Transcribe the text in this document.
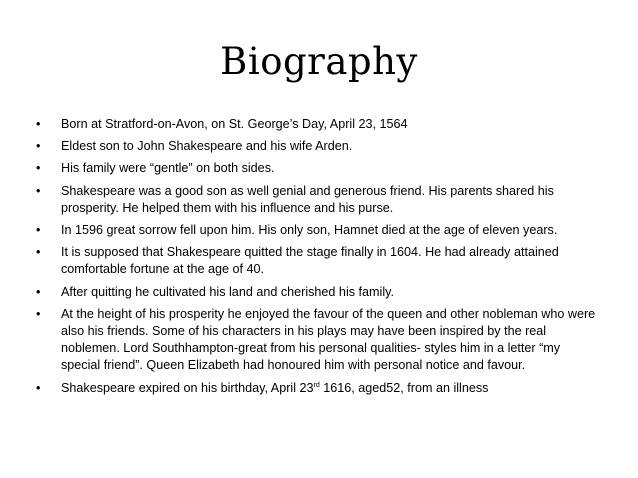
Biography
• Born at Stratford-on-Avon, on St. George’s Day, April 23, 1564
• Eldest son to John Shakespeare and his wife Arden.
• His family were “gentle” on both sides.
• Shakespeare was a good son as well genial and generous friend. His parents shared his prosperity. He helped them with his influence and his purse.
• In 1596 great sorrow fell upon him. His only son, Hamnet died at the age of eleven years.
• It is supposed that Shakespeare quitted the stage finally in 1604. He had already attained comfortable fortune at the age of 40.
• After quitting he cultivated his land and cherished his family.
• At the height of his prosperity he enjoyed the favour of the queen and other nobleman who were also his friends. Some of his characters in his plays may have been inspired by the real noblemen. Lord Southhampton-great from his personal qualities- styles him in a letter “my special friend”. Queen Elizabeth had honoured him with personal notice and favour.
• Shakespeare expired on his birthday, April 23rd 1616, aged52, from an illness
